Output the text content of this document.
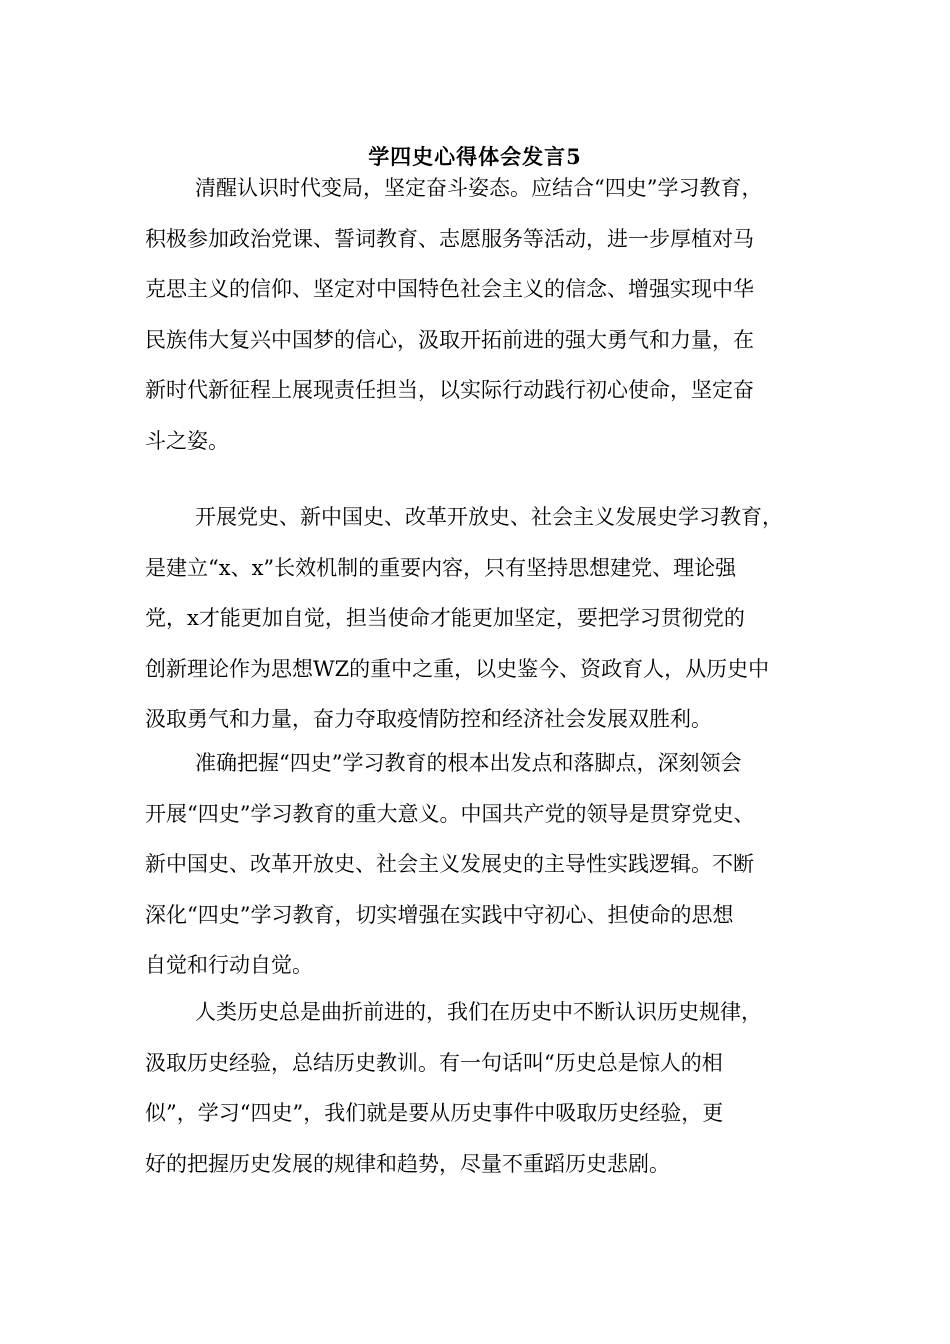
学四史心得体会发言5

清醒认识时代变局，坚定奋斗姿态。应结合“四史”学习教育，
积极参加政治党课、誓词教育、志愿服务等活动，进一步厚植对马
克思主义的信仰、坚定对中国特色社会主义的信念、增强实现中华
民族伟大复兴中国梦的信心，汲取开拓前进的强大勇气和力量，在
新时代新征程上展现责任担当，以实际行动践行初心使命，坚定奋
斗之姿。

开展党史、新中国史、改革开放史、社会主义发展史学习教育，
是建立“x、x”长效机制的重要内容，只有坚持思想建党、理论强
党，x才能更加自觉，担当使命才能更加坚定，要把学习贯彻党的
创新理论作为思想WZ的重中之重，以史鉴今、资政育人，从历史中
汲取勇气和力量，奋力夺取疫情防控和经济社会发展双胜利。

准确把握“四史”学习教育的根本出发点和落脚点，深刻领会
开展“四史”学习教育的重大意义。中国共产党的领导是贯穿党史、
新中国史、改革开放史、社会主义发展史的主导性实践逻辑。不断
深化“四史”学习教育，切实增强在实践中守初心、担使命的思想
自觉和行动自觉。

人类历史总是曲折前进的，我们在历史中不断认识历史规律，
汲取历史经验，总结历史教训。有一句话叫“历史总是惊人的相
似”，学习“四史”，我们就是要从历史事件中吸取历史经验，更
好的把握历史发展的规律和趋势，尽量不重蹈历史悲剧。
